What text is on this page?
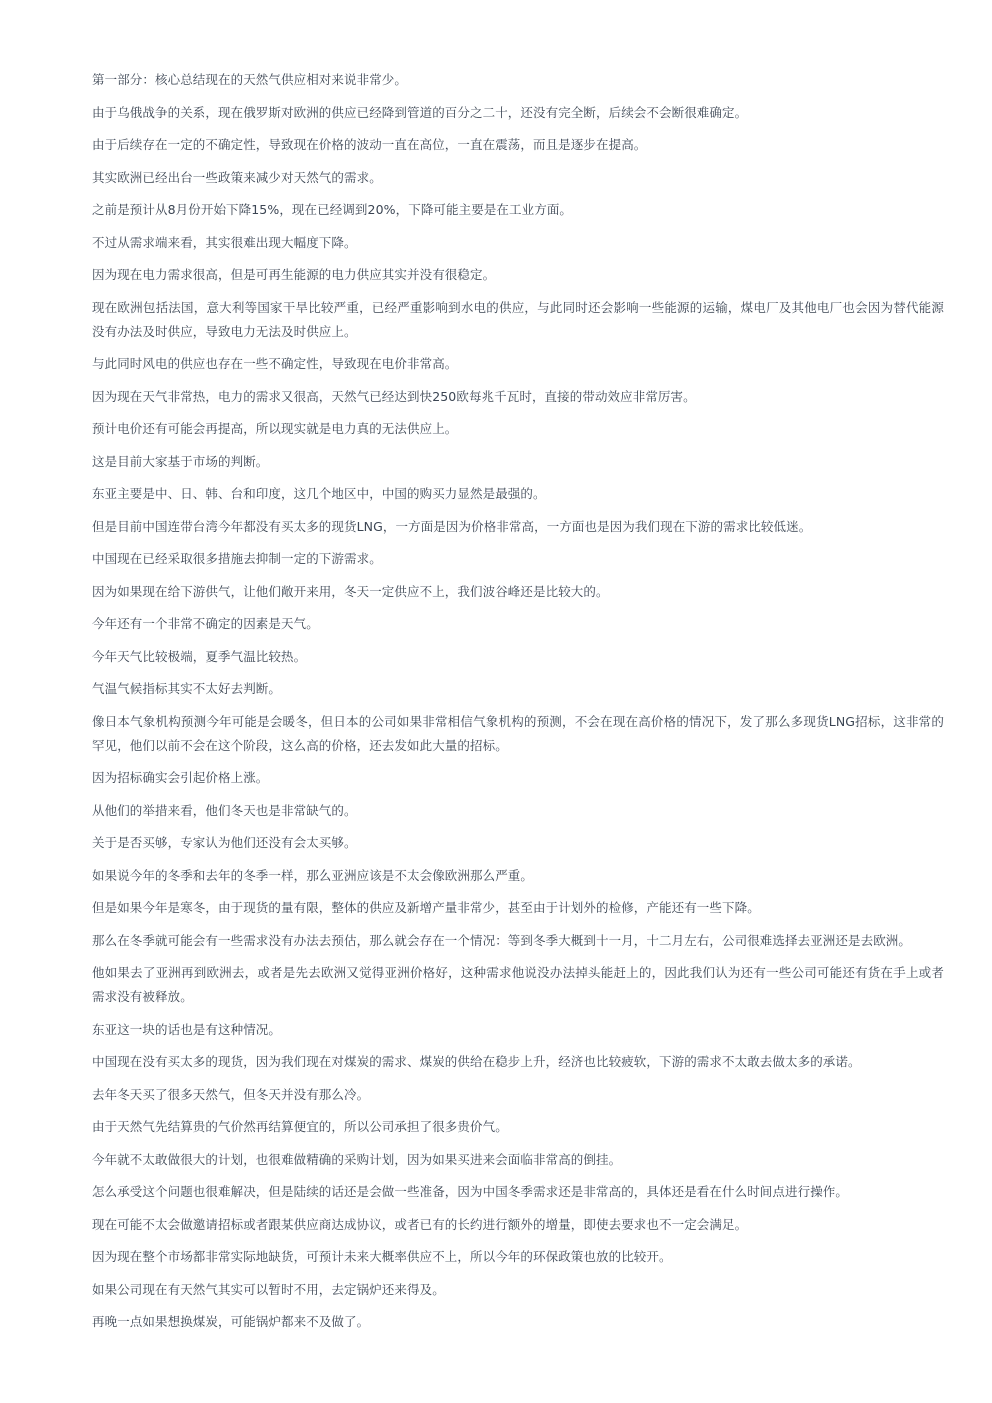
第一部分：核心总结现在的天然气供应相对来说非常少。

由于乌俄战争的关系，现在俄罗斯对欧洲的供应已经降到管道的百分之二十，还没有完全断，后续会不会断很难确定。

由于后续存在一定的不确定性，导致现在价格的波动一直在高位，一直在震荡，而且是逐步在提高。

其实欧洲已经出台一些政策来减少对天然气的需求。

之前是预计从8月份开始下降15%，现在已经调到20%，下降可能主要是在工业方面。

不过从需求端来看，其实很难出现大幅度下降。

因为现在电力需求很高，但是可再生能源的电力供应其实并没有很稳定。

现在欧洲包括法国，意大利等国家干旱比较严重，已经严重影响到水电的供应，与此同时还会影响一些能源的运输，煤电厂及其他电厂也会因为替代能源没有办法及时供应，导致电力无法及时供应上。

与此同时风电的供应也存在一些不确定性，导致现在电价非常高。

因为现在天气非常热，电力的需求又很高，天然气已经达到快250欧每兆千瓦时，直接的带动效应非常厉害。

预计电价还有可能会再提高，所以现实就是电力真的无法供应上。

这是目前大家基于市场的判断。

东亚主要是中、日、韩、台和印度，这几个地区中，中国的购买力显然是最强的。

但是目前中国连带台湾今年都没有买太多的现货LNG，一方面是因为价格非常高，一方面也是因为我们现在下游的需求比较低迷。

中国现在已经采取很多措施去抑制一定的下游需求。

因为如果现在给下游供气，让他们敞开来用，冬天一定供应不上，我们波谷峰还是比较大的。

今年还有一个非常不确定的因素是天气。

今年天气比较极端，夏季气温比较热。

气温气候指标其实不太好去判断。

像日本气象机构预测今年可能是会暖冬，但日本的公司如果非常相信气象机构的预测，不会在现在高价格的情况下，发了那么多现货LNG招标，这非常的罕见，他们以前不会在这个阶段，这么高的价格，还去发如此大量的招标。

因为招标确实会引起价格上涨。

从他们的举措来看，他们冬天也是非常缺气的。

关于是否买够，专家认为他们还没有会太买够。

如果说今年的冬季和去年的冬季一样，那么亚洲应该是不太会像欧洲那么严重。

但是如果今年是寒冬，由于现货的量有限，整体的供应及新增产量非常少，甚至由于计划外的检修，产能还有一些下降。

那么在冬季就可能会有一些需求没有办法去预估，那么就会存在一个情况：等到冬季大概到十一月，十二月左右，公司很难选择去亚洲还是去欧洲。

他如果去了亚洲再到欧洲去，或者是先去欧洲又觉得亚洲价格好，这种需求他说没办法掉头能赶上的，因此我们认为还有一些公司可能还有货在手上或者需求没有被释放。

东亚这一块的话也是有这种情况。

中国现在没有买太多的现货，因为我们现在对煤炭的需求、煤炭的供给在稳步上升，经济也比较疲软，下游的需求不太敢去做太多的承诺。

去年冬天买了很多天然气，但冬天并没有那么冷。

由于天然气先结算贵的气价然再结算便宜的，所以公司承担了很多贵价气。

今年就不太敢做很大的计划，也很难做精确的采购计划，因为如果买进来会面临非常高的倒挂。

怎么承受这个问题也很难解决，但是陆续的话还是会做一些准备，因为中国冬季需求还是非常高的，具体还是看在什么时间点进行操作。

现在可能不太会做邀请招标或者跟某供应商达成协议，或者已有的长约进行额外的增量，即使去要求也不一定会满足。

因为现在整个市场都非常实际地缺货，可预计未来大概率供应不上，所以今年的环保政策也放的比较开。

如果公司现在有天然气其实可以暂时不用，去定锅炉还来得及。

再晚一点如果想换煤炭，可能锅炉都来不及做了。
